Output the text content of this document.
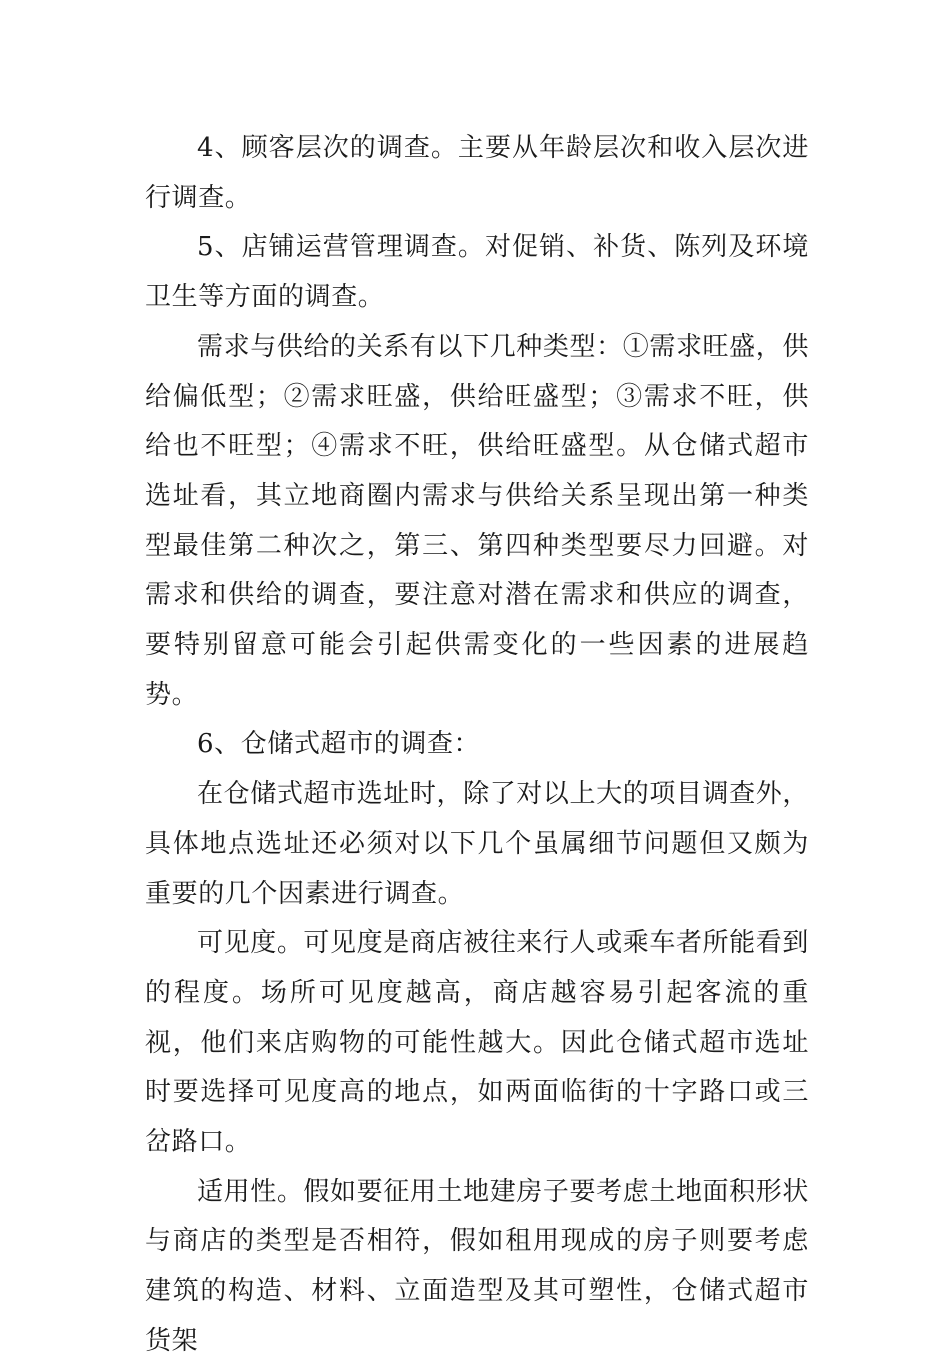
4、顾客层次的调查。主要从年龄层次和收入层次进行调查。

5、店铺运营管理调查。对促销、补货、陈列及环境卫生等方面的调查。

需求与供给的关系有以下几种类型：①需求旺盛，供给偏低型；②需求旺盛，供给旺盛型；③需求不旺，供给也不旺型；④需求不旺，供给旺盛型。从仓储式超市选址看，其立地商圈内需求与供给关系呈现出第一种类型最佳第二种次之，第三、第四种类型要尽力回避。对需求和供给的调查，要注意对潜在需求和供应的调查，要特别留意可能会引起供需变化的一些因素的进展趋势。

6、仓储式超市的调查：

在仓储式超市选址时，除了对以上大的项目调查外，具体地点选址还必须对以下几个虽属细节问题但又颇为重要的几个因素进行调查。

可见度。可见度是商店被往来行人或乘车者所能看到的程度。场所可见度越高，商店越容易引起客流的重视，他们来店购物的可能性越大。因此仓储式超市选址时要选择可见度高的地点，如两面临街的十字路口或三岔路口。

适用性。假如要征用土地建房子要考虑土地面积形状与商店的类型是否相符，假如租用现成的房子则要考虑建筑的构造、材料、立面造型及其可塑性，仓储式超市货架
